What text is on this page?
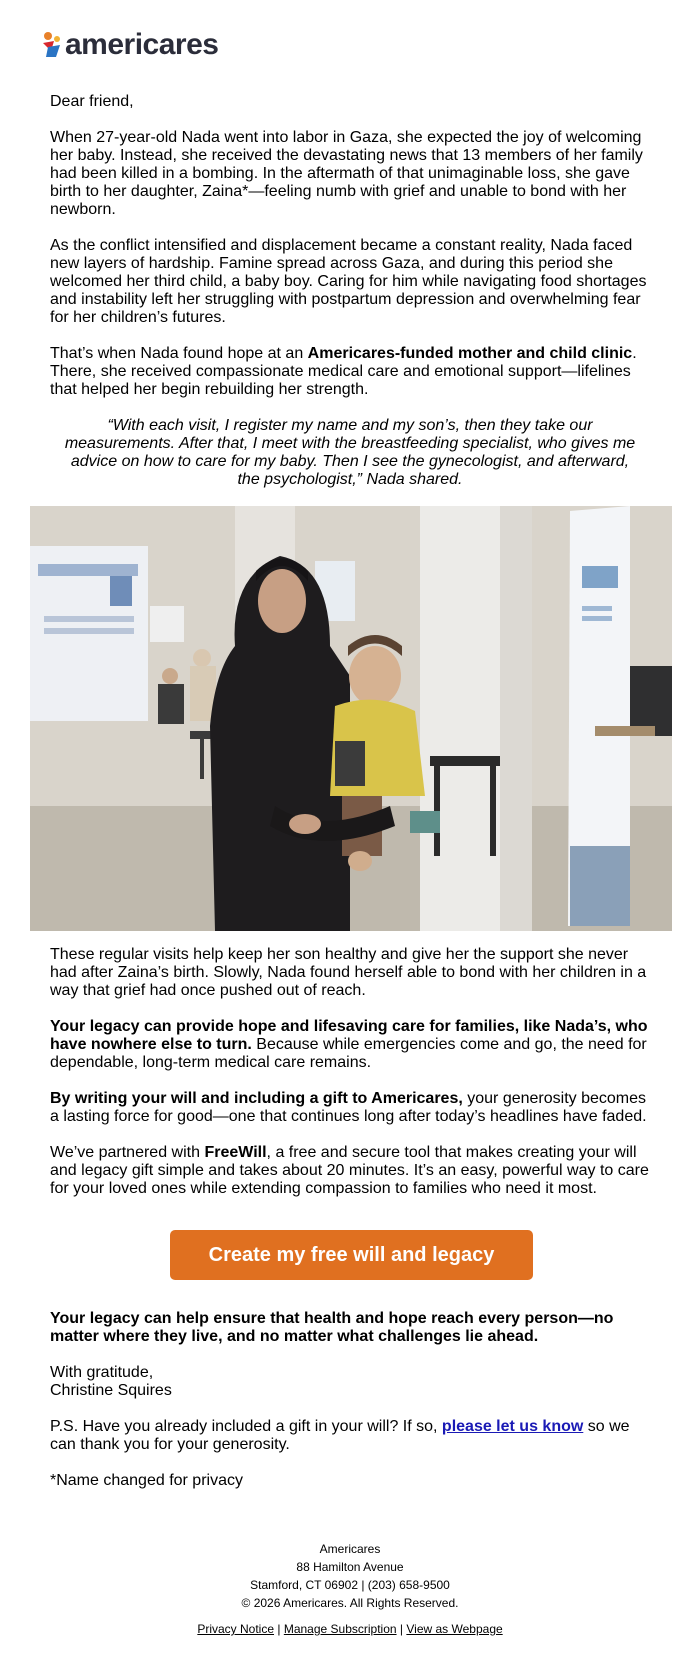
americares

Dear friend,

When 27-year-old Nada went into labor in Gaza, she expected the joy of welcoming her baby. Instead, she received the devastating news that 13 members of her family had been killed in a bombing. In the aftermath of that unimaginable loss, she gave birth to her daughter, Zaina*—feeling numb with grief and unable to bond with her newborn.

As the conflict intensified and displacement became a constant reality, Nada faced new layers of hardship. Famine spread across Gaza, and during this period she welcomed her third child, a baby boy. Caring for him while navigating food shortages and instability left her struggling with postpartum depression and overwhelming fear for her children’s futures.

That’s when Nada found hope at an Americares-funded mother and child clinic. There, she received compassionate medical care and emotional support—lifelines that helped her begin rebuilding her strength.

“With each visit, I register my name and my son’s, then they take our measurements. After that, I meet with the breastfeeding specialist, who gives me advice on how to care for my baby. Then I see the gynecologist, and afterward, the psychologist,” Nada shared.

These regular visits help keep her son healthy and give her the support she never had after Zaina’s birth. Slowly, Nada found herself able to bond with her children in a way that grief had once pushed out of reach.

Your legacy can provide hope and lifesaving care for families, like Nada’s, who have nowhere else to turn. Because while emergencies come and go, the need for dependable, long-term medical care remains.

By writing your will and including a gift to Americares, your generosity becomes a lasting force for good—one that continues long after today’s headlines have faded.

We’ve partnered with FreeWill, a free and secure tool that makes creating your will and legacy gift simple and takes about 20 minutes. It’s an easy, powerful way to care for your loved ones while extending compassion to families who need it most.

Create my free will and legacy

Your legacy can help ensure that health and hope reach every person—no matter where they live, and no matter what challenges lie ahead.

With gratitude,
Christine Squires

P.S. Have you already included a gift in your will? If so, please let us know so we can thank you for your generosity.

*Name changed for privacy

Americares
88 Hamilton Avenue
Stamford, CT 06902 | (203) 658-9500
© 2026 Americares. All Rights Reserved.
Privacy Notice | Manage Subscription | View as Webpage
